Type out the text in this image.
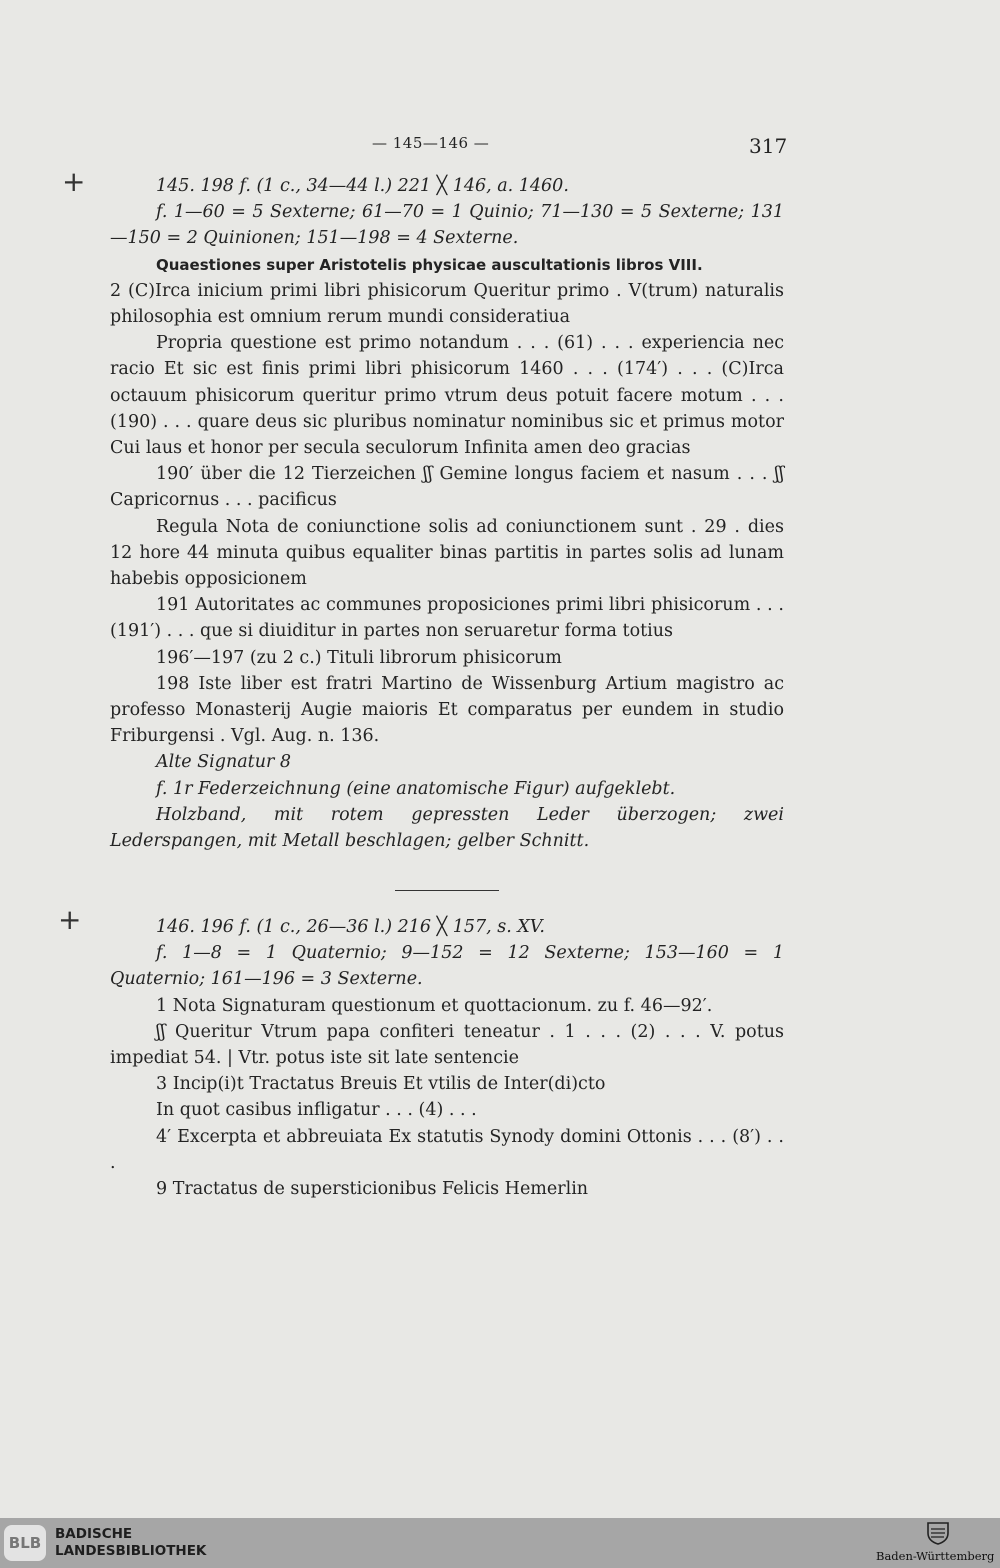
+
+
— 145—146 —	317

145. 198 f. (1 c., 34—44 l.) 221 ╳ 146, a. 1460.

f. 1—60 = 5 Sexterne; 61—70 = 1 Quinio; 71—130 = 5 Sexterne; 131—150 = 2 Quinionen; 151—198 = 4 Sexterne.

Quaestiones super Aristotelis physicae auscultationis libros VIII.

2 (C)Irca inicium primi libri phisicorum Queritur primo . V(trum) naturalis philosophia est omnium rerum mundi consideratiua

Propria questione est primo notandum . . . (61) . . . experiencia nec racio Et sic est finis primi libri phisicorum 1460 . . . (174′) . . . (C)Irca octauum phisicorum queritur primo vtrum deus potuit facere motum . . . (190) . . . quare deus sic pluribus nominatur nominibus sic et primus motor Cui laus et honor per secula seculorum Infinita amen deo gracias

190′ über die 12 Tierzeichen ʃʃ Gemine longus faciem et nasum . . . ʃʃ Capricornus . . . pacificus

Regula Nota de coniunctione solis ad coniunctionem sunt . 29 . dies 12 hore 44 minuta quibus equaliter binas partitis in partes solis ad lunam habebis opposicionem

191 Autoritates ac communes proposiciones primi libri phisicorum . . . (191′) . . . que si diuiditur in partes non seruaretur forma totius

196′—197 (zu 2 c.) Tituli librorum phisicorum

198 Iste liber est fratri Martino de Wissenburg Artium magistro ac professo Monasterij Augie maioris Et comparatus per eundem in studio Friburgensi . Vgl. Aug. n. 136.

Alte Signatur 8

f. 1r Federzeichnung (eine anatomische Figur) aufgeklebt.

Holzband, mit rotem gepressten Leder überzogen; zwei Lederspangen, mit Metall beschlagen; gelber Schnitt.

146. 196 f. (1 c., 26—36 l.) 216 ╳ 157, s. XV.

f. 1—8 = 1 Quaternio; 9—152 = 12 Sexterne; 153—160 = 1 Quaternio; 161—196 = 3 Sexterne.

1 Nota Signaturam questionum et quottacionum. zu f. 46—92′.

ʃʃ Queritur Vtrum papa confiteri teneatur . 1 . . . (2) . . . V. potus impediat 54. | Vtr. potus iste sit late sentencie

3 Incip(i)t Tractatus Breuis Et vtilis de Inter(di)cto

In quot casibus infligatur . . . (4) . . .

4′ Excerpta et abbreuiata Ex statutis Synody domini Ottonis . . . (8′) . . .

9 Tractatus de supersticionibus Felicis Hemerlin

BLB	BADISCHE
LANDESBIBLIOTHEK	Baden-Württemberg
